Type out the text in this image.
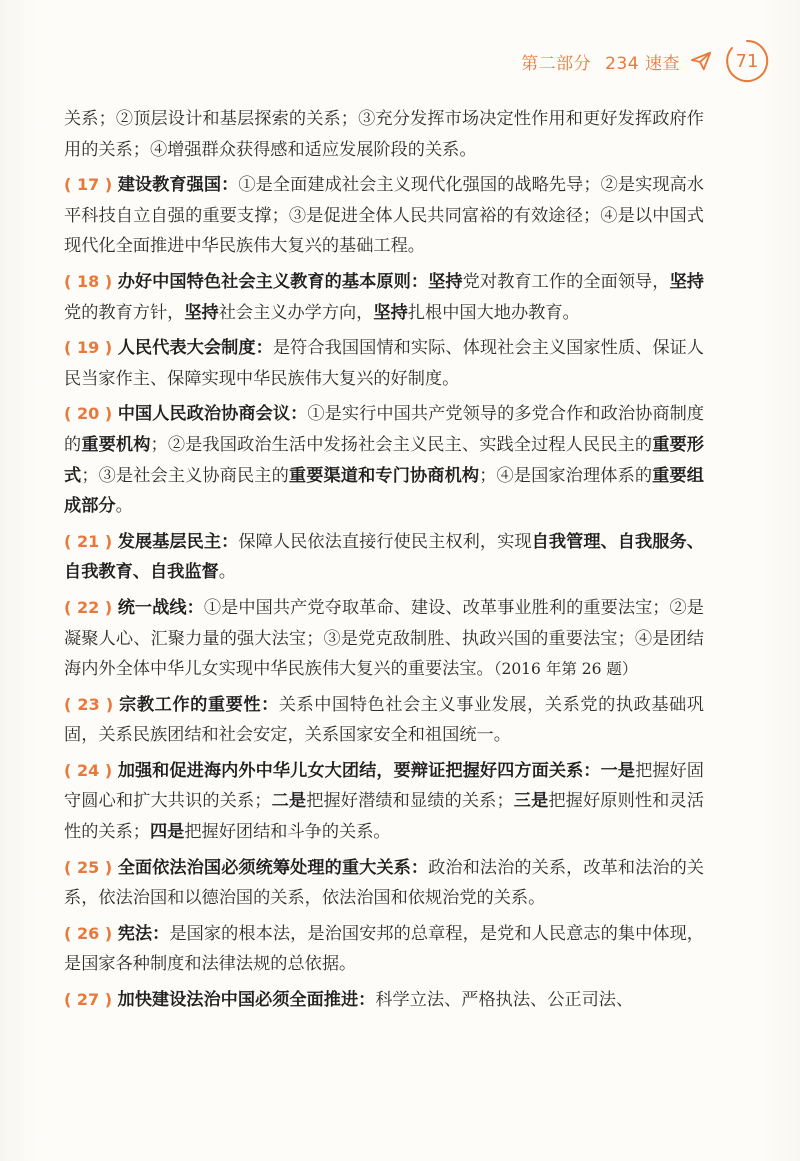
第二部分 234 速查	71

关系；②顶层设计和基层探索的关系；③充分发挥市场决定性作用和更好发挥政府作用的关系；④增强群众获得感和适应发展阶段的关系。

( 17 ) 建设教育强国：①是全面建成社会主义现代化强国的战略先导；②是实现高水平科技自立自强的重要支撑；③是促进全体人民共同富裕的有效途径；④是以中国式现代化全面推进中华民族伟大复兴的基础工程。

( 18 ) 办好中国特色社会主义教育的基本原则：坚持党对教育工作的全面领导，坚持党的教育方针，坚持社会主义办学方向，坚持扎根中国大地办教育。

( 19 ) 人民代表大会制度：是符合我国国情和实际、体现社会主义国家性质、保证人民当家作主、保障实现中华民族伟大复兴的好制度。

( 20 ) 中国人民政治协商会议：①是实行中国共产党领导的多党合作和政治协商制度的重要机构；②是我国政治生活中发扬社会主义民主、实践全过程人民民主的重要形式；③是社会主义协商民主的重要渠道和专门协商机构；④是国家治理体系的重要组成部分。

( 21 ) 发展基层民主：保障人民依法直接行使民主权利，实现自我管理、自我服务、自我教育、自我监督。

( 22 ) 统一战线：①是中国共产党夺取革命、建设、改革事业胜利的重要法宝；②是凝聚人心、汇聚力量的强大法宝；③是党克敌制胜、执政兴国的重要法宝；④是团结海内外全体中华儿女实现中华民族伟大复兴的重要法宝。（2016 年第 26 题）

( 23 ) 宗教工作的重要性：关系中国特色社会主义事业发展，关系党的执政基础巩固，关系民族团结和社会安定，关系国家安全和祖国统一。

( 24 ) 加强和促进海内外中华儿女大团结，要辩证把握好四方面关系：一是把握好固守圆心和扩大共识的关系；二是把握好潜绩和显绩的关系；三是把握好原则性和灵活性的关系；四是把握好团结和斗争的关系。

( 25 ) 全面依法治国必须统筹处理的重大关系：政治和法治的关系，改革和法治的关系，依法治国和以德治国的关系，依法治国和依规治党的关系。

( 26 ) 宪法：是国家的根本法，是治国安邦的总章程，是党和人民意志的集中体现，是国家各种制度和法律法规的总依据。

( 27 ) 加快建设法治中国必须全面推进：科学立法、严格执法、公正司法、
